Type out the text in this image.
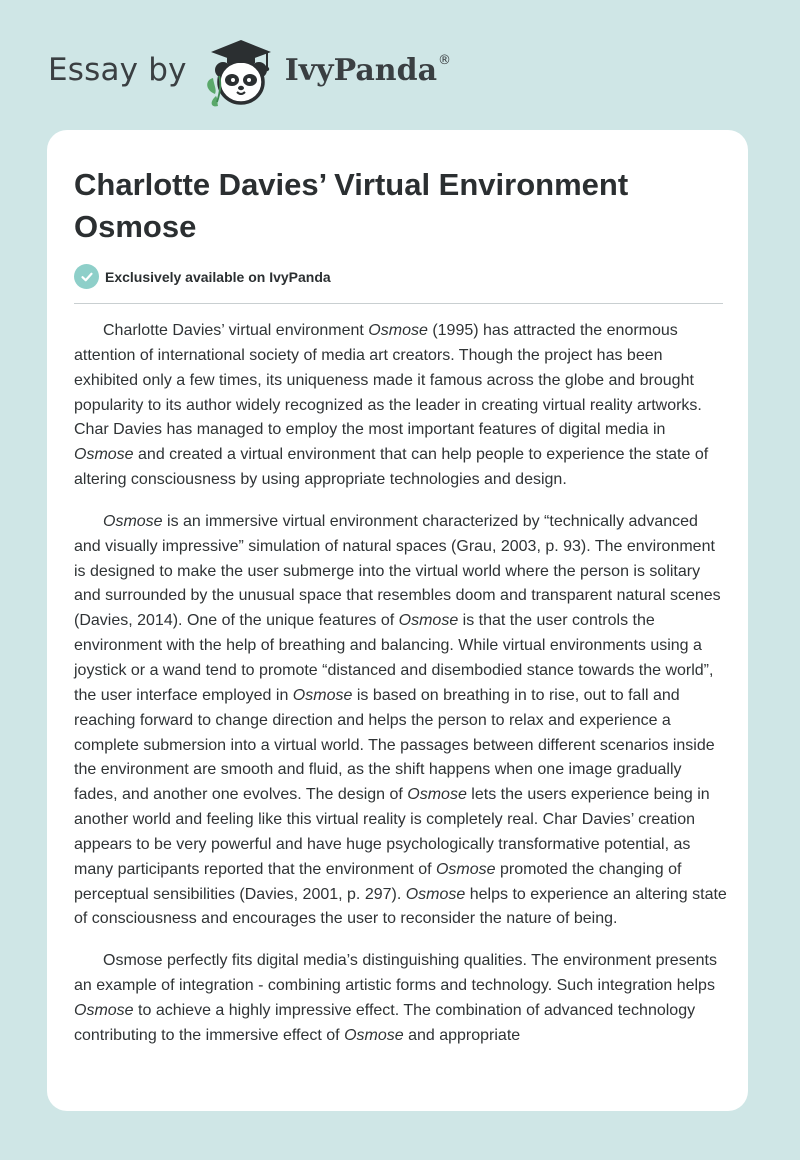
Essay by	IvyPanda ®
Charlotte Davies’ Virtual Environment Osmose
Exclusively available on IvyPanda

Charlotte Davies’ virtual environment Osmose (1995) has attracted the enormous attention of international society of media art creators. Though the project has been exhibited only a few times, its uniqueness made it famous across the globe and brought popularity to its author widely recognized as the leader in creating virtual reality artworks. Char Davies has managed to employ the most important features of digital media in Osmose and created a virtual environment that can help people to experience the state of altering consciousness by using appropriate technologies and design.

Osmose is an immersive virtual environment characterized by “technically advanced and visually impressive” simulation of natural spaces (Grau, 2003, p. 93). The environment is designed to make the user submerge into the virtual world where the person is solitary and surrounded by the unusual space that resembles doom and transparent natural scenes (Davies, 2014). One of the unique features of Osmose is that the user controls the environment with the help of breathing and balancing. While virtual environments using a joystick or a wand tend to promote “distanced and disembodied stance towards the world”, the user interface employed in Osmose is based on breathing in to rise, out to fall and reaching forward to change direction and helps the person to relax and experience a complete submersion into a virtual world. The passages between different scenarios inside the environment are smooth and fluid, as the shift happens when one image gradually fades, and another one evolves. The design of Osmose lets the users experience being in another world and feeling like this virtual reality is completely real. Char Davies’ creation appears to be very powerful and have huge psychologically transformative potential, as many participants reported that the environment of Osmose promoted the changing of perceptual sensibilities (Davies, 2001, p. 297). Osmose helps to experience an altering state of consciousness and encourages the user to reconsider the nature of being.

Osmose perfectly fits digital media’s distinguishing qualities. The environment presents an example of integration - combining artistic forms and technology. Such integration helps Osmose to achieve a highly impressive effect. The combination of advanced technology contributing to the immersive effect of Osmose and appropriate
